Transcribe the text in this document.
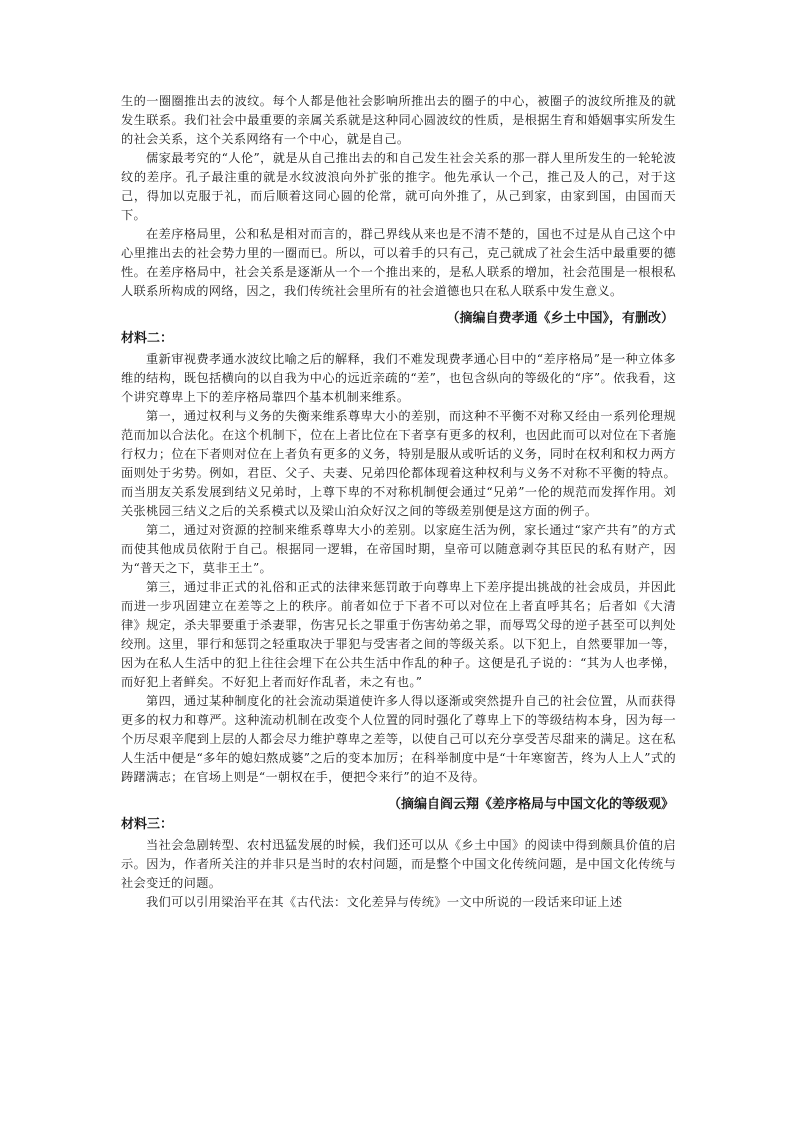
生的一圈圈推出去的波纹。每个人都是他社会影响所推出去的圈子的中心，被圈子的波纹所推及的就发生联系。我们社会中最重要的亲属关系就是这种同心圆波纹的性质，是根据生育和婚姻事实所发生的社会关系，这个关系网络有一个中心，就是自己。

儒家最考究的“人伦”，就是从自己推出去的和自己发生社会关系的那一群人里所发生的一轮轮波纹的差序。孔子最注重的就是水纹波浪向外扩张的推字。他先承认一个己，推己及人的己，对于这己，得加以克服于礼，而后顺着这同心圆的伦常，就可向外推了，从己到家，由家到国，由国而天下。

在差序格局里，公和私是相对而言的，群己界线从来也是不清不楚的，国也不过是从自己这个中心里推出去的社会势力里的一圈而已。所以，可以着手的只有己，克己就成了社会生活中最重要的德性。在差序格局中，社会关系是逐渐从一个一个推出来的，是私人联系的增加，社会范围是一根根私人联系所构成的网络，因之，我们传统社会里所有的社会道德也只在私人联系中发生意义。

（摘编自费孝通《乡土中国》，有删改）

材料二：

重新审视费孝通水波纹比喻之后的解释，我们不难发现费孝通心目中的“差序格局”是一种立体多维的结构，既包括横向的以自我为中心的远近亲疏的“差”，也包含纵向的等级化的“序”。依我看，这个讲究尊卑上下的差序格局靠四个基本机制来维系。

第一，通过权利与义务的失衡来维系尊卑大小的差别，而这种不平衡不对称又经由一系列伦理规范而加以合法化。在这个机制下，位在上者比位在下者享有更多的权利，也因此而可以对位在下者施行权力；位在下者则对位在上者负有更多的义务，特别是服从或听话的义务，同时在权利和权力两方面则处于劣势。例如，君臣、父子、夫妻、兄弟四伦都体现着这种权利与义务不对称不平衡的特点。而当朋友关系发展到结义兄弟时，上尊下卑的不对称机制便会通过“兄弟”一伦的规范而发挥作用。刘关张桃园三结义之后的关系模式以及梁山泊众好汉之间的等级差别便是这方面的例子。

第二，通过对资源的控制来维系尊卑大小的差别。以家庭生活为例，家长通过“家产共有”的方式而使其他成员依附于自己。根据同一逻辑，在帝国时期，皇帝可以随意剥夺其臣民的私有财产，因为“普天之下，莫非王土”。

第三，通过非正式的礼俗和正式的法律来惩罚敢于向尊卑上下差序提出挑战的社会成员，并因此而进一步巩固建立在差等之上的秩序。前者如位于下者不可以对位在上者直呼其名；后者如《大清律》规定，杀夫罪要重于杀妻罪，伤害兄长之罪重于伤害幼弟之罪，而辱骂父母的逆子甚至可以判处绞刑。这里，罪行和惩罚之轻重取决于罪犯与受害者之间的等级关系。以下犯上，自然要罪加一等，因为在私人生活中的犯上往往会埋下在公共生活中作乱的种子。这便是孔子说的：“其为人也孝悌，而好犯上者鲜矣。不好犯上者而好作乱者，未之有也。”

第四，通过某种制度化的社会流动渠道使许多人得以逐渐或突然提升自己的社会位置，从而获得更多的权力和尊严。这种流动机制在改变个人位置的同时强化了尊卑上下的等级结构本身，因为每一个历尽艰辛爬到上层的人都会尽力维护尊卑之差等，以使自己可以充分享受苦尽甜来的满足。这在私人生活中便是“多年的媳妇熬成婆”之后的变本加厉；在科举制度中是“十年寒窗苦，终为人上人”式的踌躇满志；在官场上则是“一朝权在手，便把令来行”的迫不及待。

（摘编自阎云翔《差序格局与中国文化的等级观》

材料三：

当社会急剧转型、农村迅猛发展的时候，我们还可以从《乡土中国》的阅读中得到颇具价值的启示。因为，作者所关注的并非只是当时的农村问题，而是整个中国文化传统问题，是中国文化传统与社会变迁的问题。

我们可以引用梁治平在其《古代法：文化差异与传统》一文中所说的一段话来印证上述
